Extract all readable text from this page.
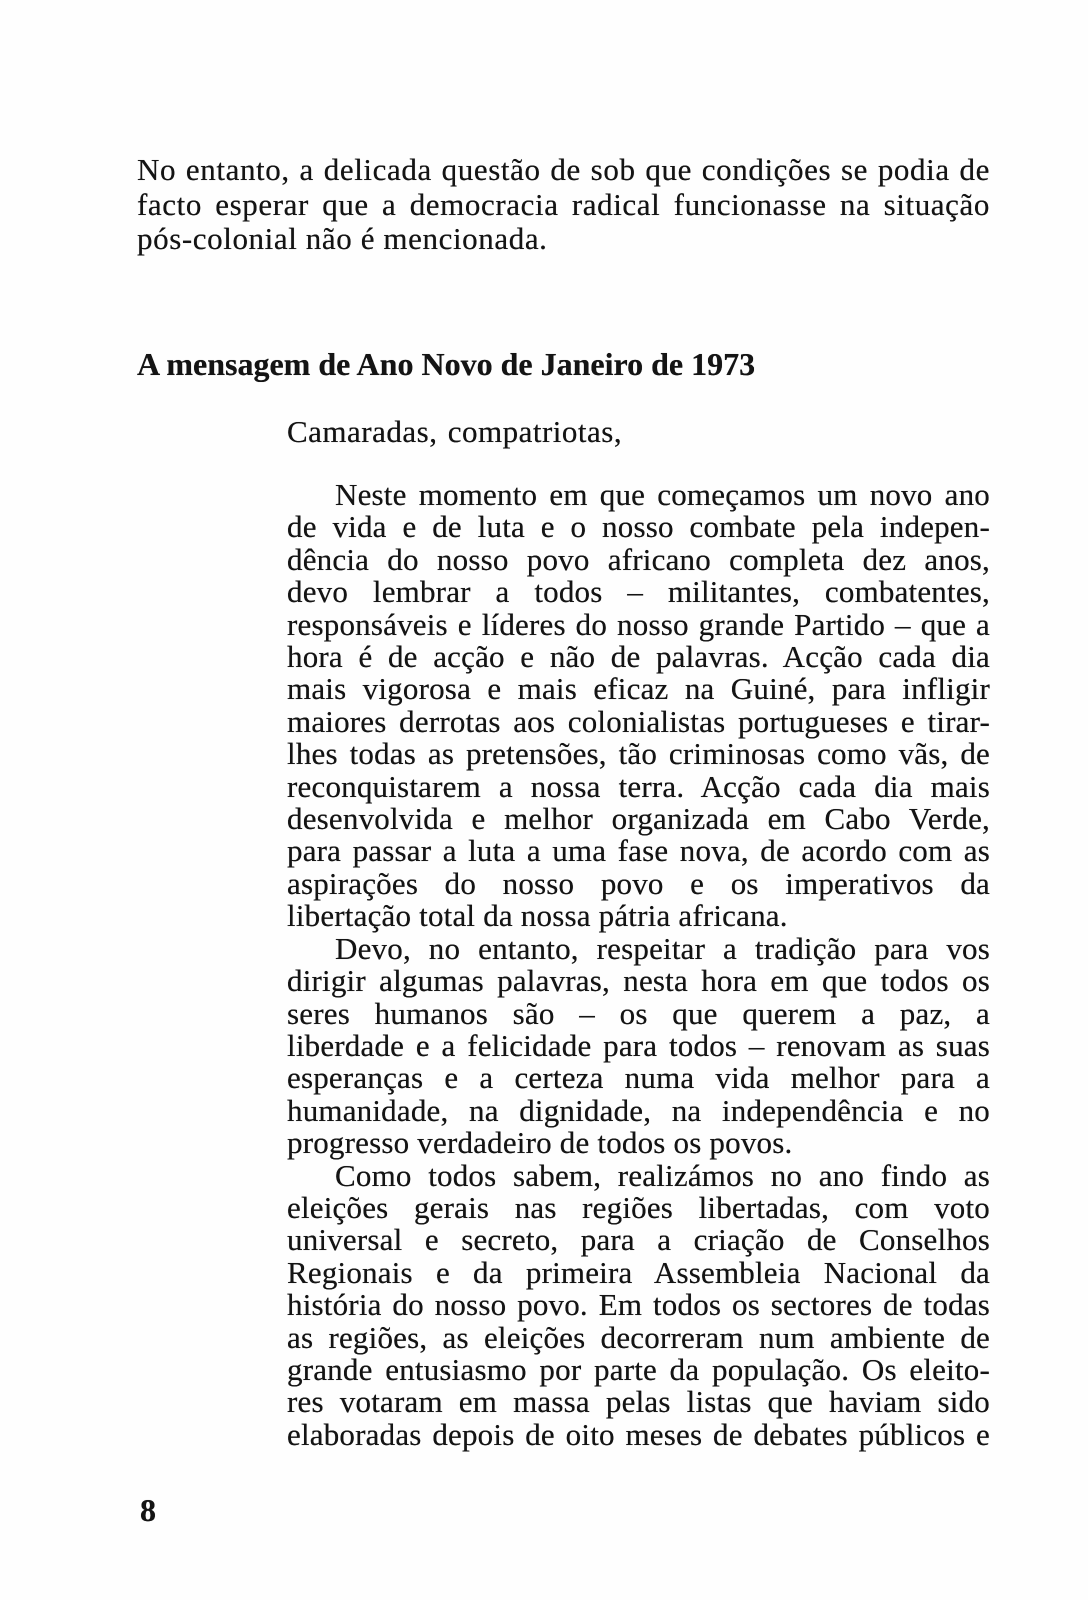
No entanto, a delicada questão de sob que condições se podia de
facto esperar que a democracia radical funcionasse na situação
pós-colonial não é mencionada.
A mensagem de Ano Novo de Janeiro de 1973
Camaradas, compatriotas,
Neste momento em que começamos um novo ano
de vida e de luta e o nosso combate pela indepen-
dência do nosso povo africano completa dez anos,
devo lembrar a todos – militantes, combatentes,
responsáveis e líderes do nosso grande Partido – que a
hora é de acção e não de palavras. Acção cada dia
mais vigorosa e mais eficaz na Guiné, para infligir
maiores derrotas aos colonialistas portugueses e tirar-
lhes todas as pretensões, tão criminosas como vãs, de
reconquistarem a nossa terra. Acção cada dia mais
desenvolvida e melhor organizada em Cabo Verde,
para passar a luta a uma fase nova, de acordo com as
aspirações do nosso povo e os imperativos da
libertação total da nossa pátria africana.
Devo, no entanto, respeitar a tradição para vos
dirigir algumas palavras, nesta hora em que todos os
seres humanos são – os que querem a paz, a
liberdade e a felicidade para todos – renovam as suas
esperanças e a certeza numa vida melhor para a
humanidade, na dignidade, na independência e no
progresso verdadeiro de todos os povos.
Como todos sabem, realizámos no ano findo as
eleições gerais nas regiões libertadas, com voto
universal e secreto, para a criação de Conselhos
Regionais e da primeira Assembleia Nacional da
história do nosso povo. Em todos os sectores de todas
as regiões, as eleições decorreram num ambiente de
grande entusiasmo por parte da população. Os eleito-
res votaram em massa pelas listas que haviam sido
elaboradas depois de oito meses de debates públicos e
8
